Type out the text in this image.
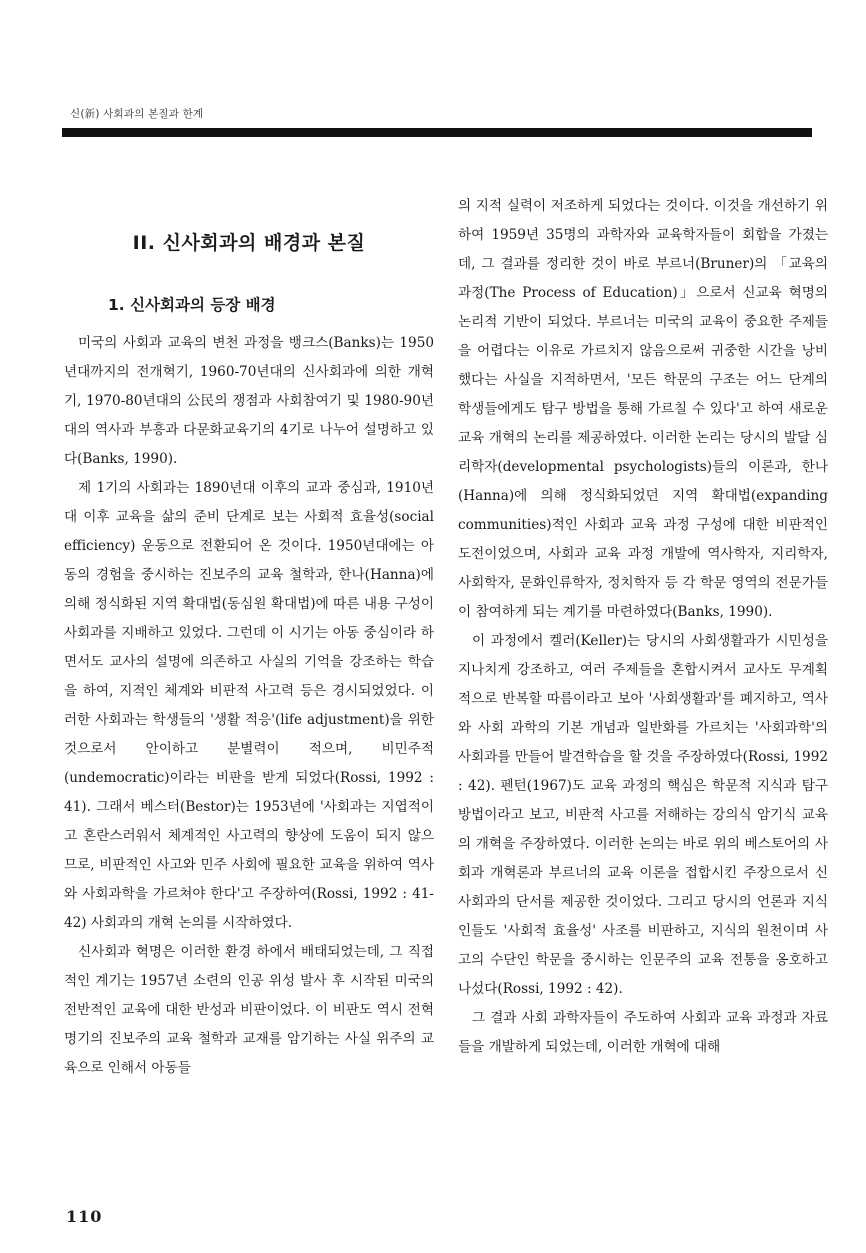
신(新) 사회과의 본질과 한계
II. 신사회과의 배경과 본질
1. 신사회과의 등장 배경

미국의 사회과 교육의 변천 과정을 뱅크스(Banks)는 1950년대까지의 전개혁기, 1960-70년대의 신사회과에 의한 개혁기, 1970-80년대의 公民의 쟁점과 사회참여기 및 1980-90년대의 역사과 부흥과 다문화교육기의 4기로 나누어 설명하고 있다(Banks, 1990).

제 1기의 사회과는 1890년대 이후의 교과 중심과, 1910년대 이후 교육을 삶의 준비 단계로 보는 사회적 효율성(social efficiency) 운동으로 전환되어 온 것이다. 1950년대에는 아동의 경험을 중시하는 진보주의 교육 철학과, 한나(Hanna)에 의해 정식화된 지역 확대법(동심원 확대법)에 따른 내용 구성이 사회과를 지배하고 있었다. 그런데 이 시기는 아동 중심이라 하면서도 교사의 설명에 의존하고 사실의 기억을 강조하는 학습을 하여, 지적인 체계와 비판적 사고력 등은 경시되었었다. 이러한 사회과는 학생들의 '생활 적응'(life adjustment)을 위한 것으로서 안이하고 분별력이 적으며, 비민주적(undemocratic)이라는 비판을 받게 되었다(Rossi, 1992 : 41). 그래서 베스터(Bestor)는 1953년에 '사회과는 지엽적이고 혼란스러워서 체계적인 사고력의 향상에 도움이 되지 않으므로, 비판적인 사고와 민주 사회에 필요한 교육을 위하여 역사와 사회과학을 가르쳐야 한다'고 주장하여(Rossi, 1992 : 41-42) 사회과의 개혁 논의를 시작하였다.

신사회과 혁명은 이러한 환경 하에서 배태되었는데, 그 직접적인 계기는 1957년 소련의 인공 위성 발사 후 시작된 미국의 전반적인 교육에 대한 반성과 비판이었다. 이 비판도 역시 전혁명기의 진보주의 교육 철학과 교재를 암기하는 사실 위주의 교육으로 인해서 아동들

의 지적 실력이 저조하게 되었다는 것이다. 이것을 개선하기 위하여 1959년 35명의 과학자와 교육학자들이 회합을 가졌는데, 그 결과를 정리한 것이 바로 부르너(Bruner)의 「교육의 과정(The Process of Education)」으로서 신교육 혁명의 논리적 기반이 되었다. 부르너는 미국의 교육이 중요한 주제들을 어렵다는 이유로 가르치지 않음으로써 귀중한 시간을 낭비했다는 사실을 지적하면서, '모든 학문의 구조는 어느 단계의 학생들에게도 탐구 방법을 통해 가르칠 수 있다'고 하여 새로운 교육 개혁의 논리를 제공하였다. 이러한 논리는 당시의 발달 심리학자(developmental psychologists)들의 이론과, 한나(Hanna)에 의해 정식화되었던 지역 확대법(expanding communities)적인 사회과 교육 과정 구성에 대한 비판적인 도전이었으며, 사회과 교육 과정 개발에 역사학자, 지리학자, 사회학자, 문화인류학자, 정치학자 등 각 학문 영역의 전문가들이 참여하게 되는 계기를 마련하였다(Banks, 1990).

이 과정에서 켈러(Keller)는 당시의 사회생활과가 시민성을 지나치게 강조하고, 여러 주제들을 혼합시켜서 교사도 무계획적으로 반복할 따름이라고 보아 '사회생활과'를 폐지하고, 역사와 사회 과학의 기본 개념과 일반화를 가르치는 '사회과학'의 사회과를 만들어 발견학습을 할 것을 주장하였다(Rossi, 1992 : 42). 펜턴(1967)도 교육 과정의 핵심은 학문적 지식과 탐구 방법이라고 보고, 비판적 사고를 저해하는 강의식 암기식 교육의 개혁을 주장하였다. 이러한 논의는 바로 위의 베스토어의 사회과 개혁론과 부르너의 교육 이론을 접합시킨 주장으로서 신사회과의 단서를 제공한 것이었다. 그리고 당시의 언론과 지식인들도 '사회적 효율성' 사조를 비판하고, 지식의 원천이며 사고의 수단인 학문을 중시하는 인문주의 교육 전통을 옹호하고 나섰다(Rossi, 1992 : 42).

그 결과 사회 과학자들이 주도하여 사회과 교육 과정과 자료들을 개발하게 되었는데, 이러한 개혁에 대해

110
